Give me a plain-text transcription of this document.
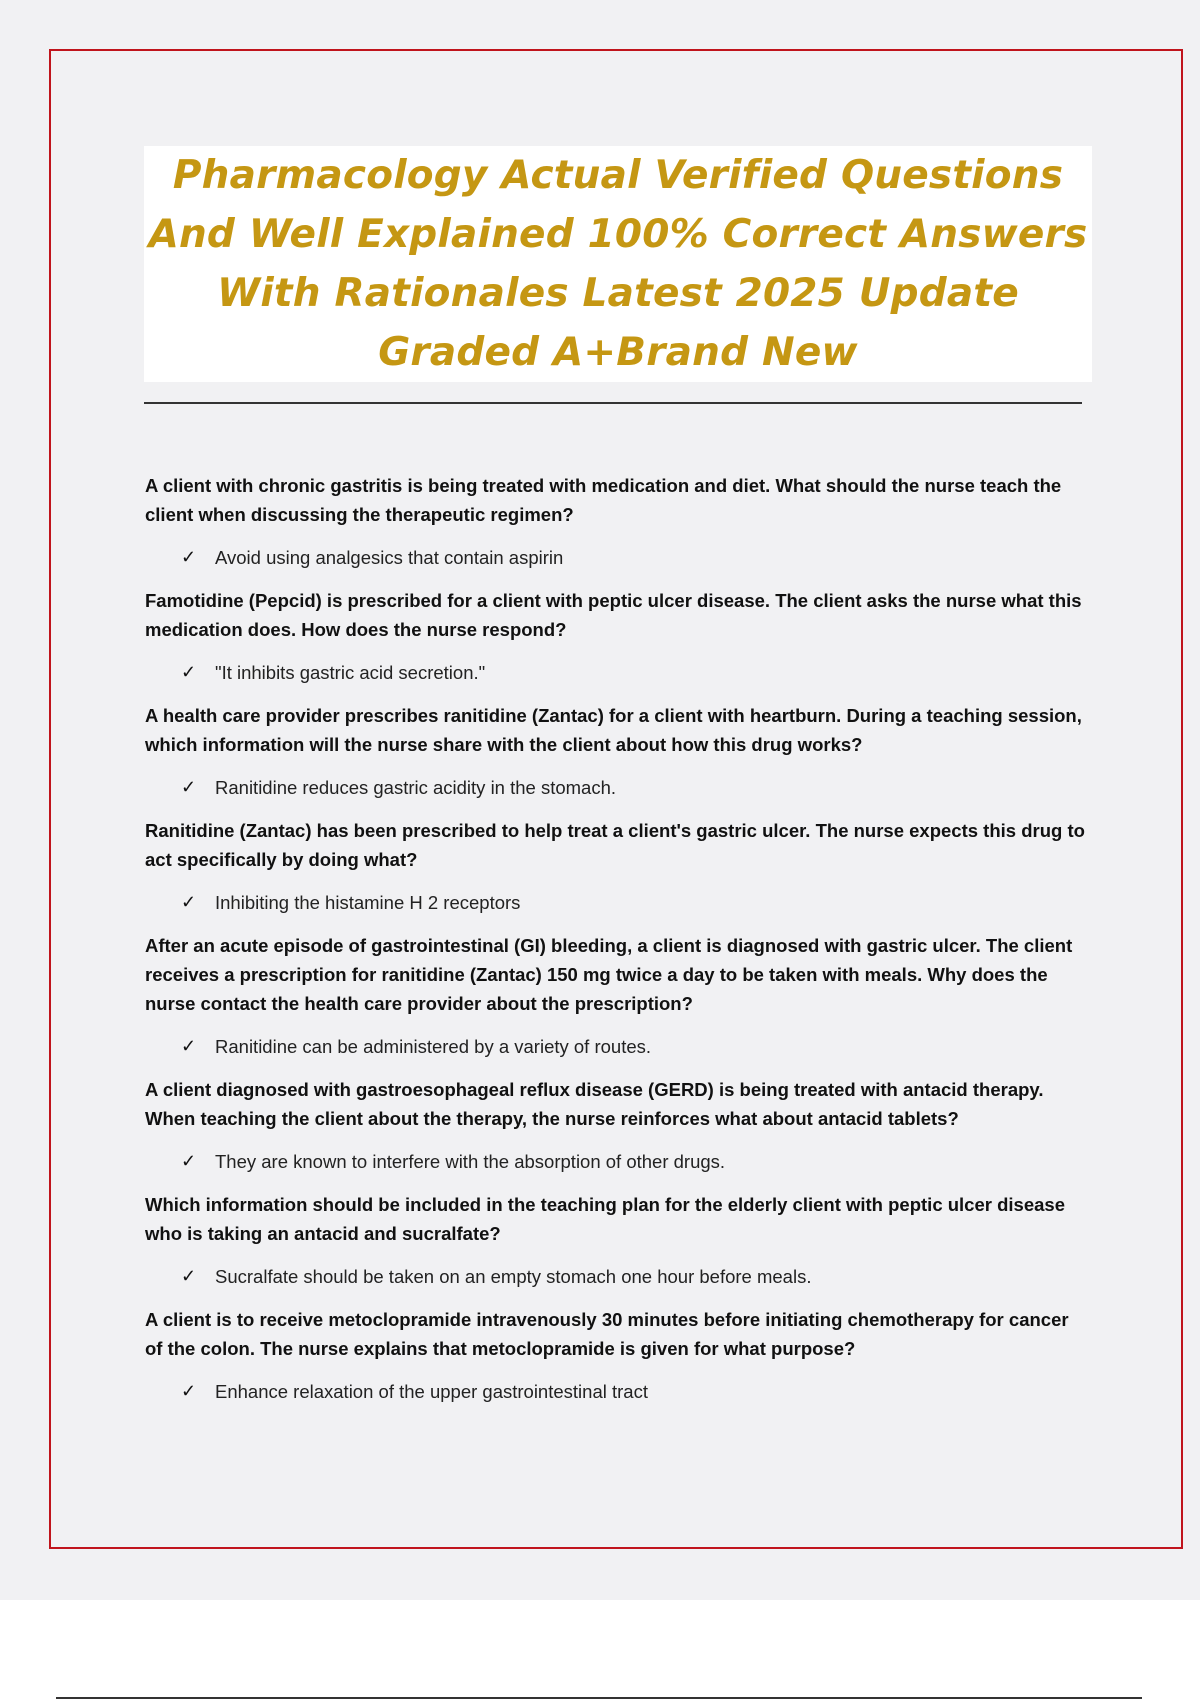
Pharmacology Actual Verified Questions And Well Explained 100% Correct Answers With Rationales Latest 2025 Update Graded A+Brand New

A client with chronic gastritis is being treated with medication and diet. What should the nurse teach the client when discussing the therapeutic regimen?

✓	Avoid using analgesics that contain aspirin

Famotidine (Pepcid) is prescribed for a client with peptic ulcer disease. The client asks the nurse what this medication does. How does the nurse respond?

✓	"It inhibits gastric acid secretion."

A health care provider prescribes ranitidine (Zantac) for a client with heartburn. During a teaching session, which information will the nurse share with the client about how this drug works?

✓	Ranitidine reduces gastric acidity in the stomach.

Ranitidine (Zantac) has been prescribed to help treat a client's gastric ulcer. The nurse expects this drug to act specifically by doing what?

✓	Inhibiting the histamine H 2 receptors

After an acute episode of gastrointestinal (GI) bleeding, a client is diagnosed with gastric ulcer. The client receives a prescription for ranitidine (Zantac) 150 mg twice a day to be taken with meals. Why does the nurse contact the health care provider about the prescription?

✓	Ranitidine can be administered by a variety of routes.

A client diagnosed with gastroesophageal reflux disease (GERD) is being treated with antacid therapy. When teaching the client about the therapy, the nurse reinforces what about antacid tablets?

✓	They are known to interfere with the absorption of other drugs.

Which information should be included in the teaching plan for the elderly client with peptic ulcer disease who is taking an antacid and sucralfate?

✓	Sucralfate should be taken on an empty stomach one hour before meals.

A client is to receive metoclopramide intravenously 30 minutes before initiating chemotherapy for cancer of the colon. The nurse explains that metoclopramide is given for what purpose?

✓	Enhance relaxation of the upper gastrointestinal tract
